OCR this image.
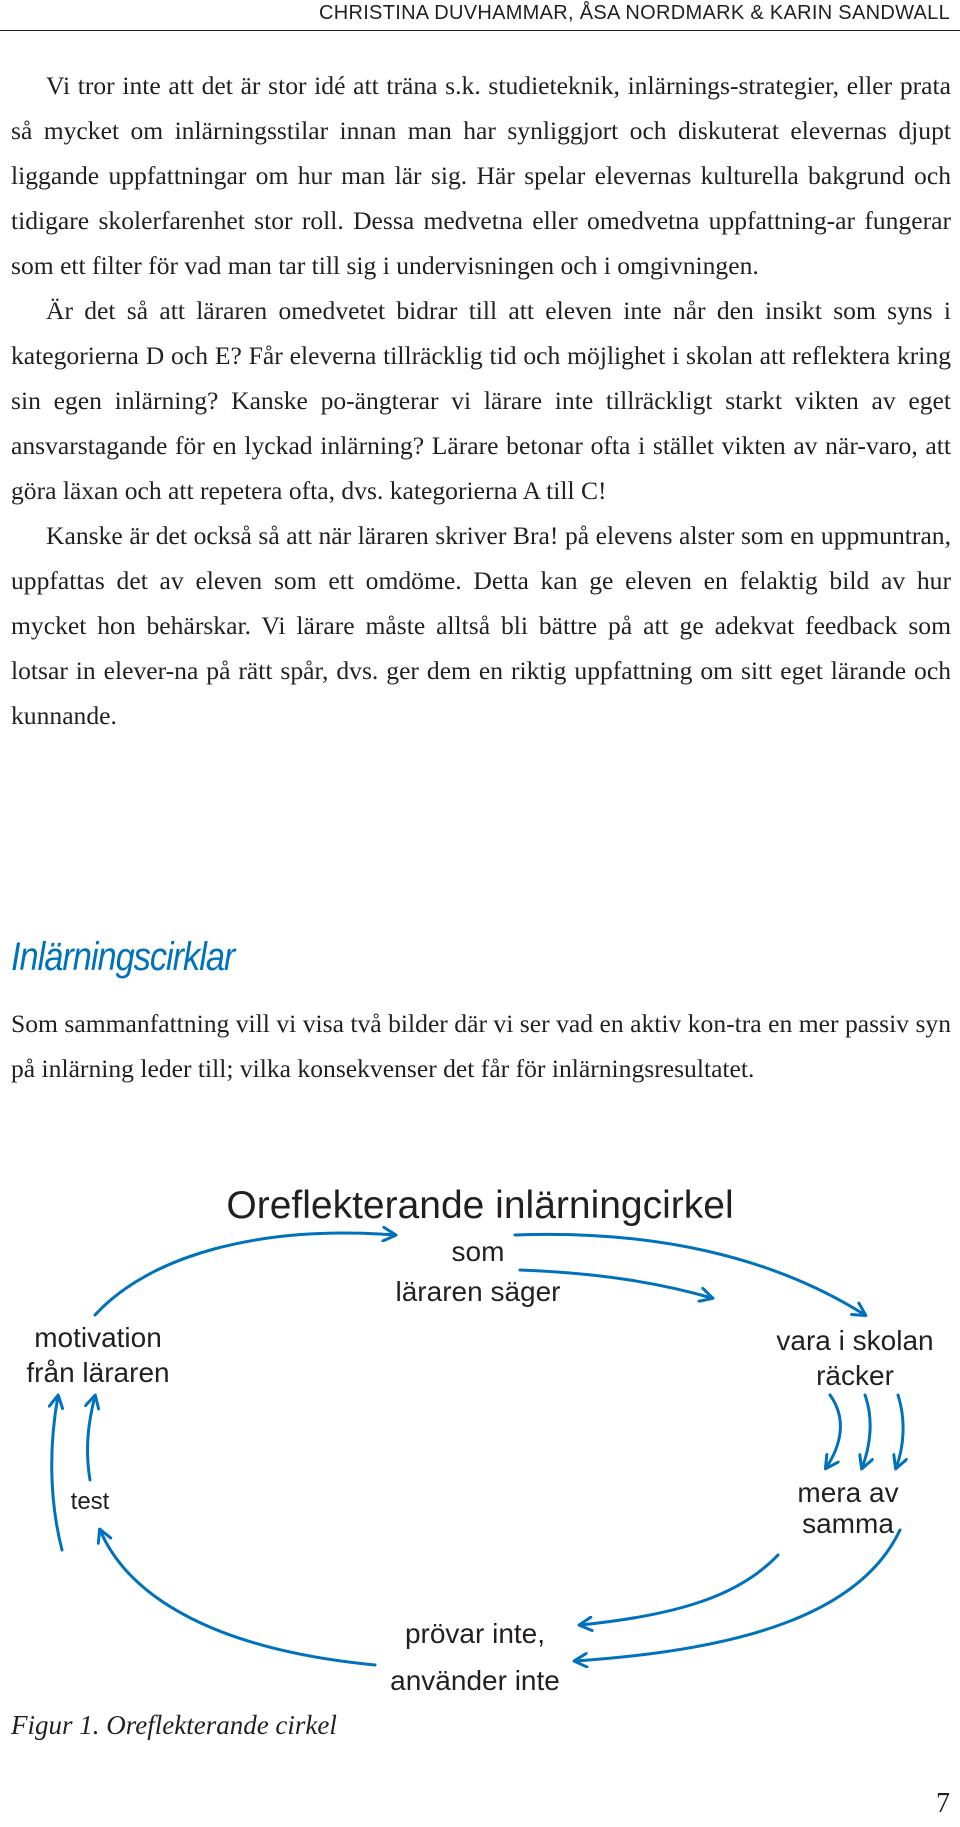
CHRISTINA DUVHAMMAR, ÅSA NORDMARK & KARIN SANDWALL

Vi tror inte att det är stor idé att träna s.k. studieteknik, inlärnings-strategier, eller prata så mycket om inlärningsstilar innan man har synliggjort och diskuterat elevernas djupt liggande uppfattningar om hur man lär sig. Här spelar elevernas kulturella bakgrund och tidigare skolerfarenhet stor roll. Dessa medvetna eller omedvetna uppfattning-ar fungerar som ett filter för vad man tar till sig i undervisningen och i omgivningen.

Är det så att läraren omedvetet bidrar till att eleven inte når den insikt som syns i kategorierna D och E? Får eleverna tillräcklig tid och möjlighet i skolan att reflektera kring sin egen inlärning? Kanske po-ängterar vi lärare inte tillräckligt starkt vikten av eget ansvarstagande för en lyckad inlärning? Lärare betonar ofta i stället vikten av när-varo, att göra läxan och att repetera ofta, dvs. kategorierna A till C!

Kanske är det också så att när läraren skriver Bra! på elevens alster som en uppmuntran, uppfattas det av eleven som ett omdöme. Detta kan ge eleven en felaktig bild av hur mycket hon behärskar. Vi lärare måste alltså bli bättre på att ge adekvat feedback som lotsar in elever-na på rätt spår, dvs. ger dem en riktig uppfattning om sitt eget lärande och kunnande.

Inlärningscirklar

Som sammanfattning vill vi visa två bilder där vi ser vad en aktiv kon-tra en mer passiv syn på inlärning leder till; vilka konsekvenser det får för inlärningsresultatet.

Oreflekterande inlärningcirkel
som
läraren säger
vara i skolan
räcker
mera av
samma
prövar inte,
använder inte
motivation
från läraren
test
Figur 1. Oreflekterande cirkel
7
